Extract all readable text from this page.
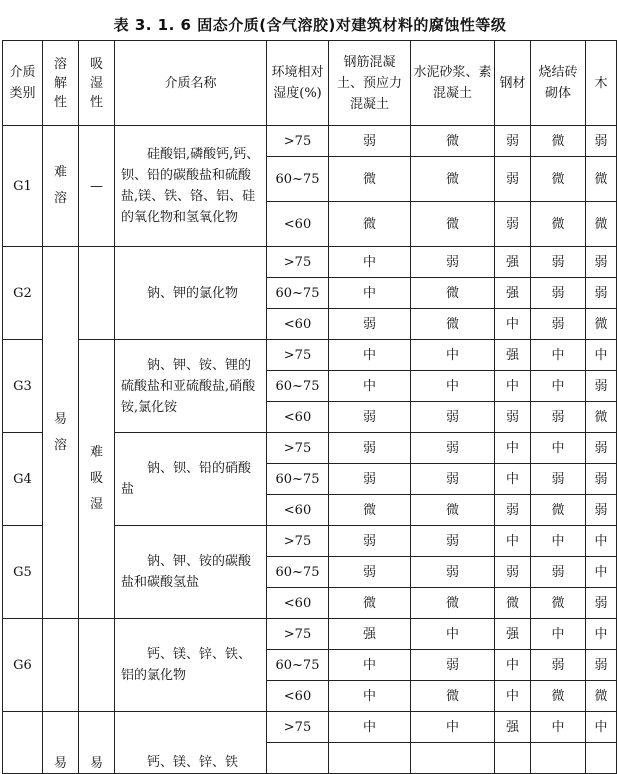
表 3. 1. 6 固态介质(含气溶胶)对建筑材料的腐蚀性等级
介质类别	溶解性	吸湿性	介质名称	环境相对湿度(%)	钢筋混凝土、预应力混凝土	水泥砂浆、素混凝土	钢材	烧结砖砌体	木
G1	难溶	—	硅酸铝,磷酸钙,钙、钡、铅的碳酸盐和硫酸盐,镁、铁、铬、铝、硅的氧化物和氢氧化物	>75	弱	微	弱	微	弱
				60~75	微	微	弱	微	微
				<60	微	微	弱	微	微
G2	易溶		钠、钾的氯化物	>75	中	弱	强	弱	弱
				60~75	中	微	强	弱	弱
				<60	弱	微	中	弱	微
G3		难吸湿	钠、钾、铵、锂的硫酸盐和亚硫酸盐,硝酸铵,氯化铵	>75	中	中	强	中	中
				60~75	中	中	中	中	弱
				<60	弱	弱	弱	弱	微
G4			钠、钡、铅的硝酸盐	>75	弱	弱	中	中	弱
				60~75	弱	弱	中	弱	弱
				<60	微	微	弱	微	弱
G5			钠、钾、铵的碳酸盐和碳酸氢盐	>75	弱	弱	中	中	中
				60~75	弱	弱	弱	弱	中
				<60	微	微	微	微	弱
G6			钙、镁、锌、铁、铝的氯化物	>75	强	中	强	中	中
				60~75	中	弱	中	弱	弱
				<60	中	微	中	微	微
	易	易	钙、镁、锌、铁	>75	中	中	强	中	中
